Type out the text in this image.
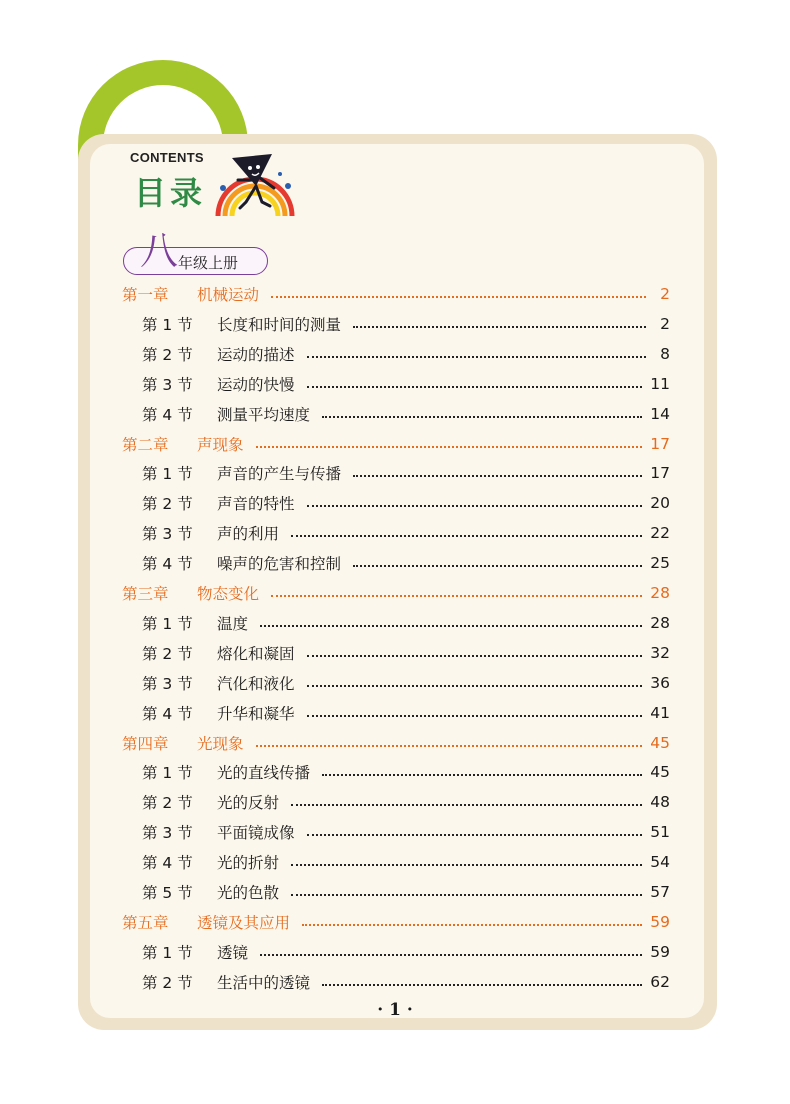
CONTENTS
目录
八 年级上册
第一章	机械运动	2
第 1 节	长度和时间的测量	2
第 2 节	运动的描述	8
第 3 节	运动的快慢	11
第 4 节	测量平均速度	14
第二章	声现象	17
第 1 节	声音的产生与传播	17
第 2 节	声音的特性	20
第 3 节	声的利用	22
第 4 节	噪声的危害和控制	25
第三章	物态变化	28
第 1 节	温度	28
第 2 节	熔化和凝固	32
第 3 节	汽化和液化	36
第 4 节	升华和凝华	41
第四章	光现象	45
第 1 节	光的直线传播	45
第 2 节	光的反射	48
第 3 节	平面镜成像	51
第 4 节	光的折射	54
第 5 节	光的色散	57
第五章	透镜及其应用	59
第 1 节	透镜	59
第 2 节	生活中的透镜	62
· 1 ·
